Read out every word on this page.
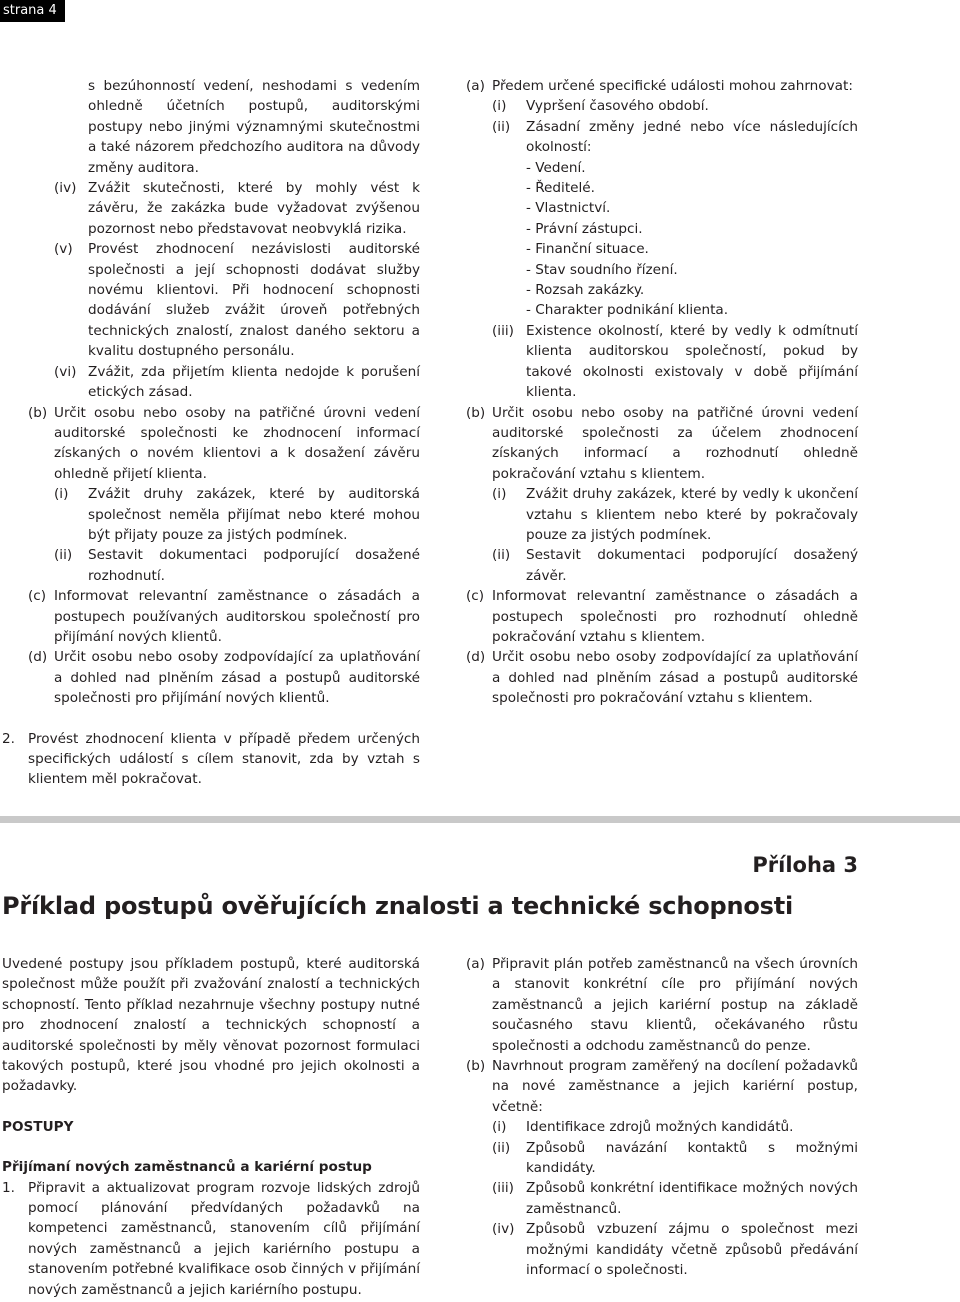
strana 4

s bezúhonností vedení, neshodami s vedením ohledně účetních postupů, auditorskými postupy nebo jinými významnými skutečnostmi a také názorem předchozího auditora na důvody změny auditora.

(iv) Zvážit skutečnosti, které by mohly vést k závěru, že zakázka bude vyžadovat zvýšenou pozornost nebo představovat neobvyklá rizika.

(v) Provést zhodnocení nezávislosti auditorské společnosti a její schopnosti dodávat služby novému klientovi. Při hodnocení schopnosti dodávání služeb zvážit úroveň potřebných technických znalostí, znalost daného sektoru a kvalitu dostupného personálu.

(vi) Zvážit, zda přijetím klienta nedojde k porušení etických zásad.

(b) Určit osobu nebo osoby na patřičné úrovni vedení auditorské společnosti ke zhodnocení informací získaných o novém klientovi a k dosažení závěru ohledně přijetí klienta.

(i) Zvážit druhy zakázek, které by auditorská společnost neměla přijímat nebo které mohou být přijaty pouze za jistých podmínek.

(ii) Sestavit dokumentaci podporující dosažené rozhodnutí.

(c) Informovat relevantní zaměstnance o zásadách a postupech používaných auditorskou společností pro přijímání nových klientů.

(d) Určit osobu nebo osoby zodpovídající za uplatňování a dohled nad plněním zásad a postupů auditorské společnosti pro přijímání nových klientů.

2. Provést zhodnocení klienta v případě předem určených specifických událostí s cílem stanovit, zda by vztah s klientem měl pokračovat.

(a) Předem určené specifické události mohou zahrnovat:

(i) Vypršení časového období.

(ii) Zásadní změny jedné nebo více následujících okolností:

- Vedení.

- Ředitelé.

- Vlastnictví.

- Právní zástupci.

- Finanční situace.

- Stav soudního řízení.

- Rozsah zakázky.

- Charakter podnikání klienta.

(iii) Existence okolností, které by vedly k odmítnutí klienta auditorskou společností, pokud by takové okolnosti existovaly v době přijímání klienta.

(b) Určit osobu nebo osoby na patřičné úrovni vedení auditorské společnosti za účelem zhodnocení získaných informací a rozhodnutí ohledně pokračování vztahu s klientem.

(i) Zvážit druhy zakázek, které by vedly k ukončení vztahu s klientem nebo které by pokračovaly pouze za jistých podmínek.

(ii) Sestavit dokumentaci podporující dosažený závěr.

(c) Informovat relevantní zaměstnance o zásadách a postupech společnosti pro rozhodnutí ohledně pokračování vztahu s klientem.

(d) Určit osobu nebo osoby zodpovídající za uplatňování a dohled nad plněním zásad a postupů auditorské společnosti pro pokračování vztahu s klientem.

Příloha 3
Příklad postupů ověřujících znalosti a technické schopnosti

Uvedené postupy jsou příkladem postupů, které auditorská společnost může použít při zvažování znalostí a technických schopností. Tento příklad nezahrnuje všechny postupy nutné pro zhodnocení znalostí a technických schopností a auditorské společnosti by měly věnovat pozornost formulaci takových postupů, které jsou vhodné pro jejich okolnosti a požadavky.

POSTUPY

Přijímaní nových zaměstnanců a kariérní postup

1. Připravit a aktualizovat program rozvoje lidských zdrojů pomocí plánování předvídaných požadavků na kompetenci zaměstnanců, stanovením cílů přijímání nových zaměstnanců a jejich kariérního postupu a stanovením potřebné kvalifikace osob činných v přijímání nových zaměstnanců a jejich kariérního postupu.

(a) Připravit plán potřeb zaměstnanců na všech úrovních a stanovit konkrétní cíle pro přijímání nových zaměstnanců a jejich kariérní postup na základě současného stavu klientů, očekávaného růstu společnosti a odchodu zaměstnanců do penze.

(b) Navrhnout program zaměřený na docílení požadavků na nové zaměstnance a jejich kariérní postup, včetně:

(i) Identifikace zdrojů možných kandidátů.

(ii) Způsobů navázání kontaktů s možnými kandidáty.

(iii) Způsobů konkrétní identifikace možných nových zaměstnanců.

(iv) Způsobů vzbuzení zájmu o společnost mezi možnými kandidáty včetně způsobů předávání informací o společnosti.
